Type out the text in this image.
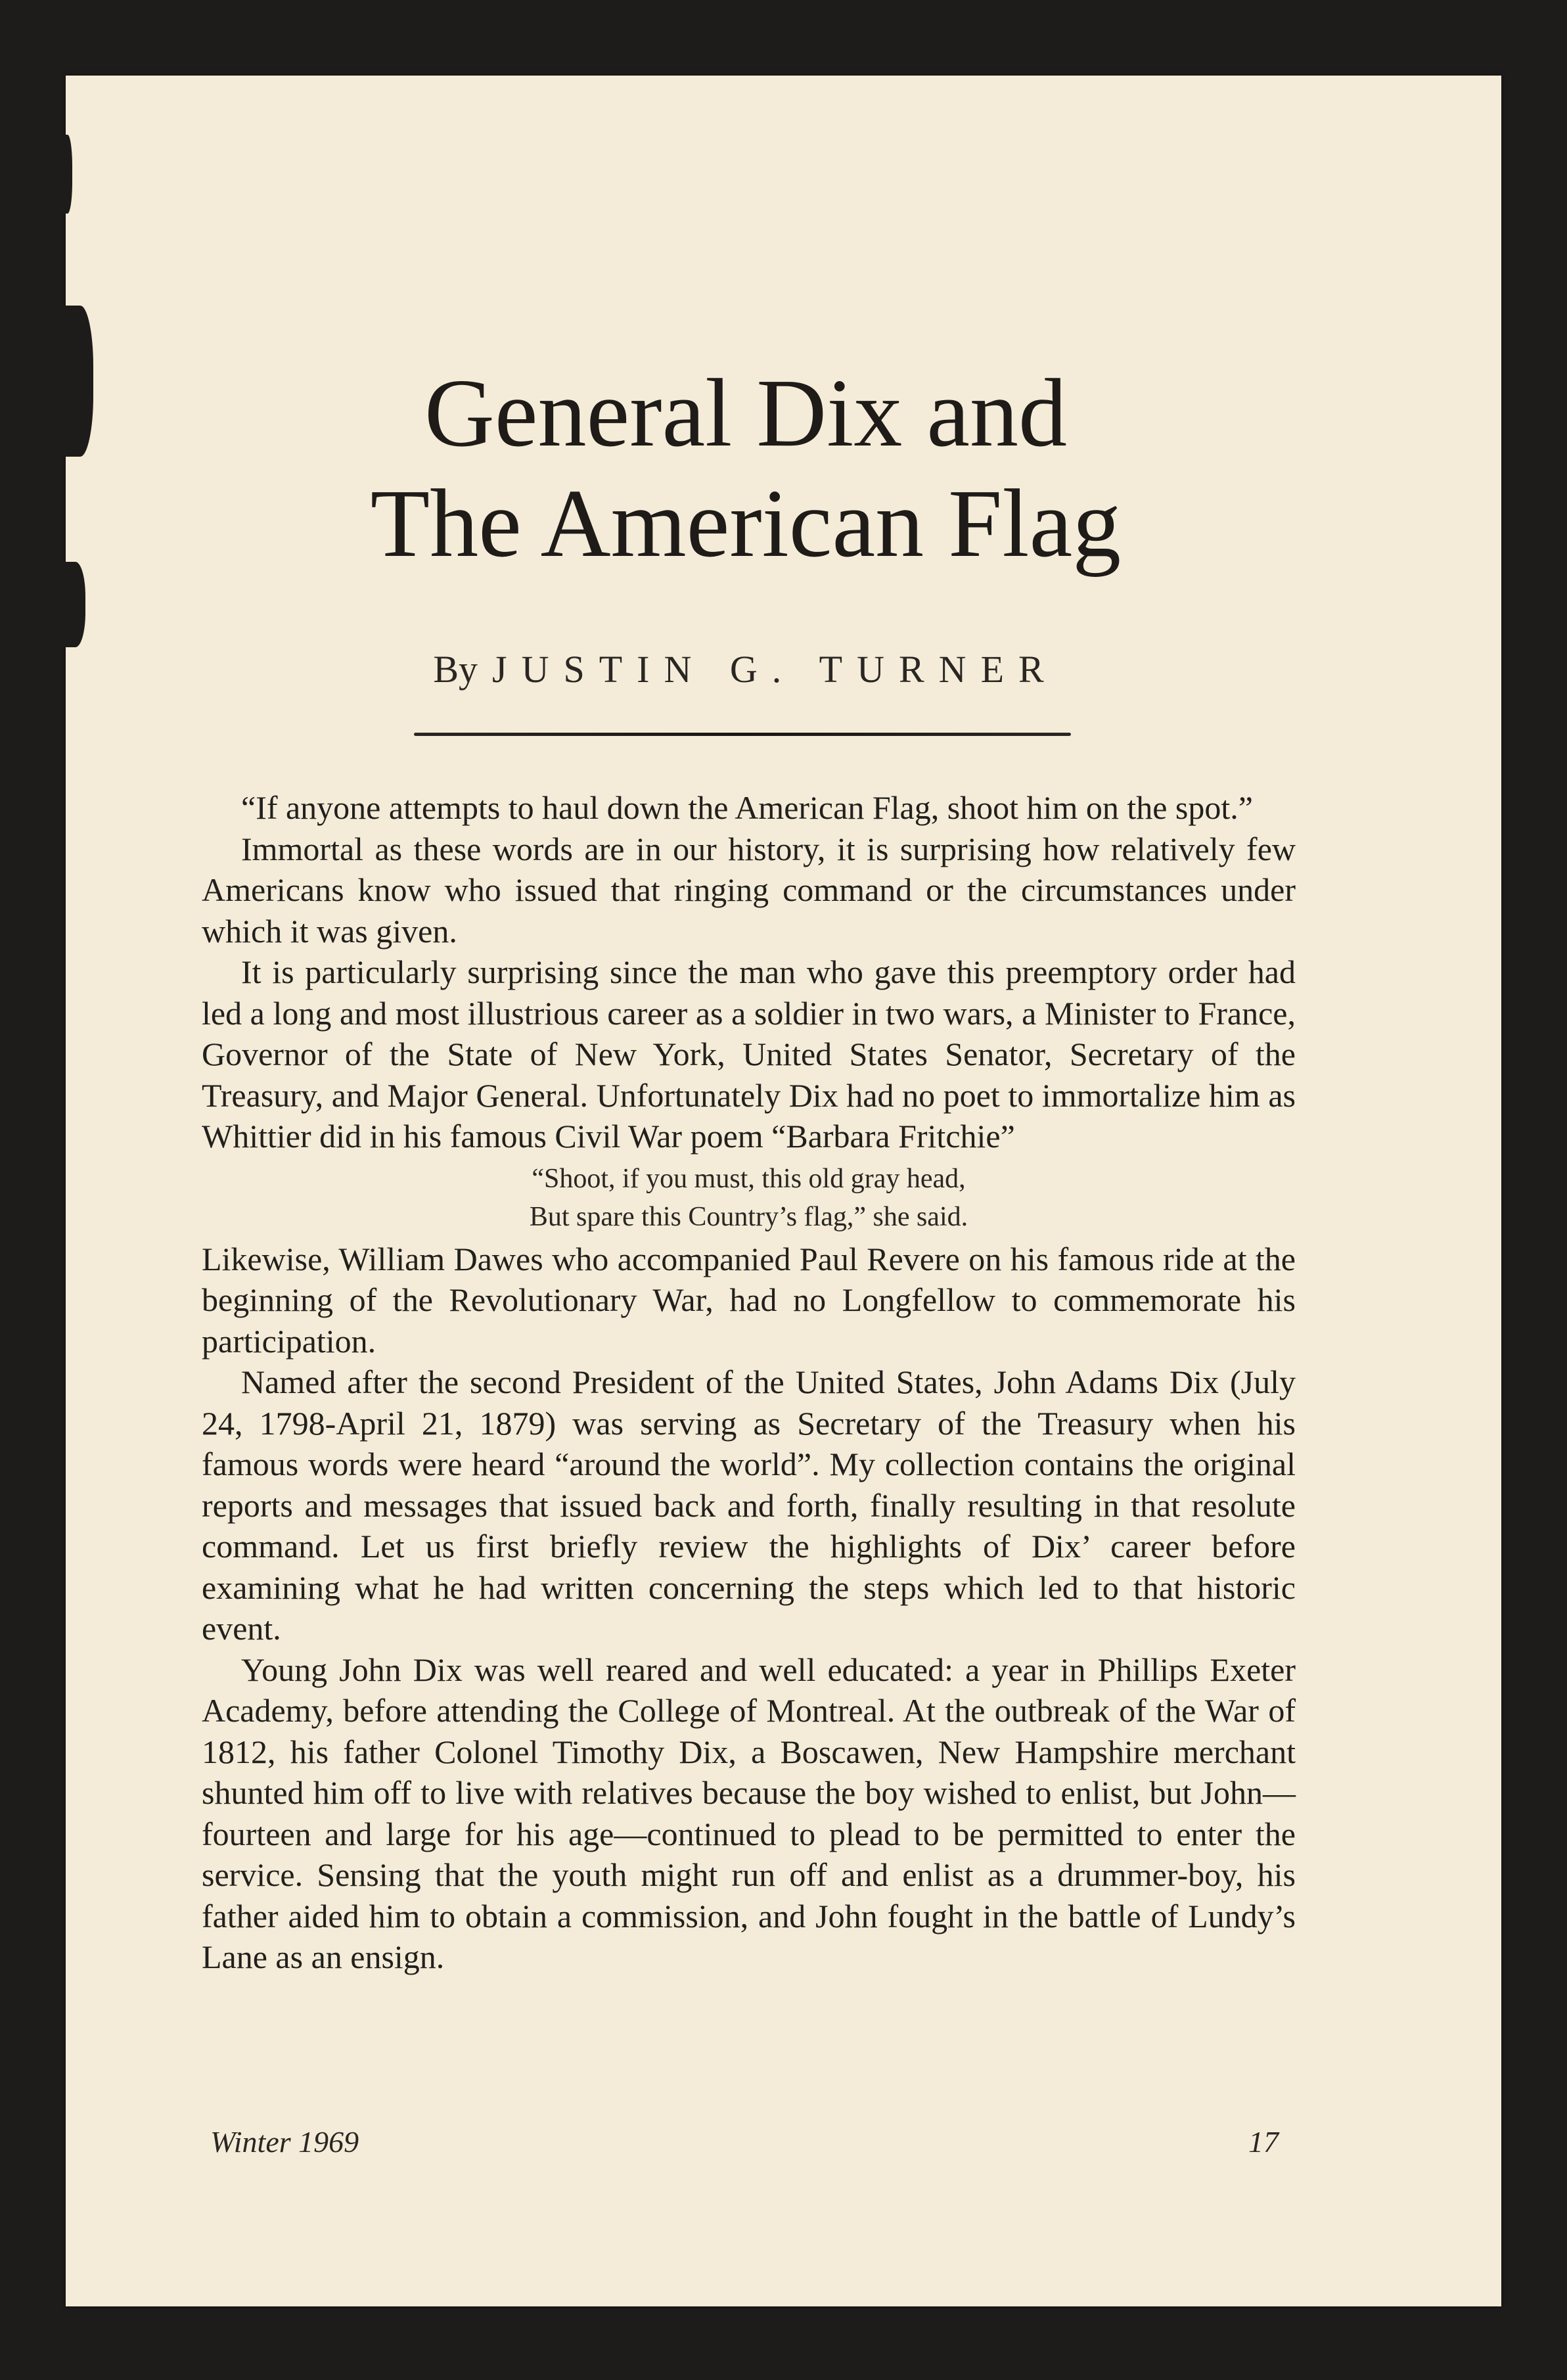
General Dix and
The American Flag
By JUSTIN G. TURNER

“If anyone attempts to haul down the American Flag, shoot him on the spot.”

Immortal as these words are in our history, it is surprising how relatively few Americans know who issued that ringing command or the circumstances under which it was given.

It is particularly surprising since the man who gave this preemptory order had led a long and most illustrious career as a soldier in two wars, a Minister to France, Governor of the State of New York, United States Senator, Secretary of the Treasury, and Major General. Unfortunately Dix had no poet to immortalize him as Whittier did in his famous Civil War poem “Barbara Fritchie”

“Shoot, if you must, this old gray head,
But spare this Country’s flag,” she said.

Likewise, William Dawes who accompanied Paul Revere on his famous ride at the beginning of the Revolutionary War, had no Longfellow to commemorate his participation.

Named after the second President of the United States, John Adams Dix (July 24, 1798-April 21, 1879) was serving as Secretary of the Treasury when his famous words were heard “around the world”. My collection contains the original reports and messages that issued back and forth, finally resulting in that resolute command. Let us first briefly review the highlights of Dix’ career before examining what he had written concerning the steps which led to that historic event.

Young John Dix was well reared and well educated: a year in Phillips Exeter Academy, before attending the College of Montreal. At the outbreak of the War of 1812, his father Colonel Timothy Dix, a Boscawen, New Hampshire merchant shunted him off to live with relatives because the boy wished to enlist, but John—fourteen and large for his age—continued to plead to be permitted to enter the service. Sensing that the youth might run off and enlist as a drummer-boy, his father aided him to obtain a commission, and John fought in the battle of Lundy’s Lane as an ensign.

Winter 1969	17
